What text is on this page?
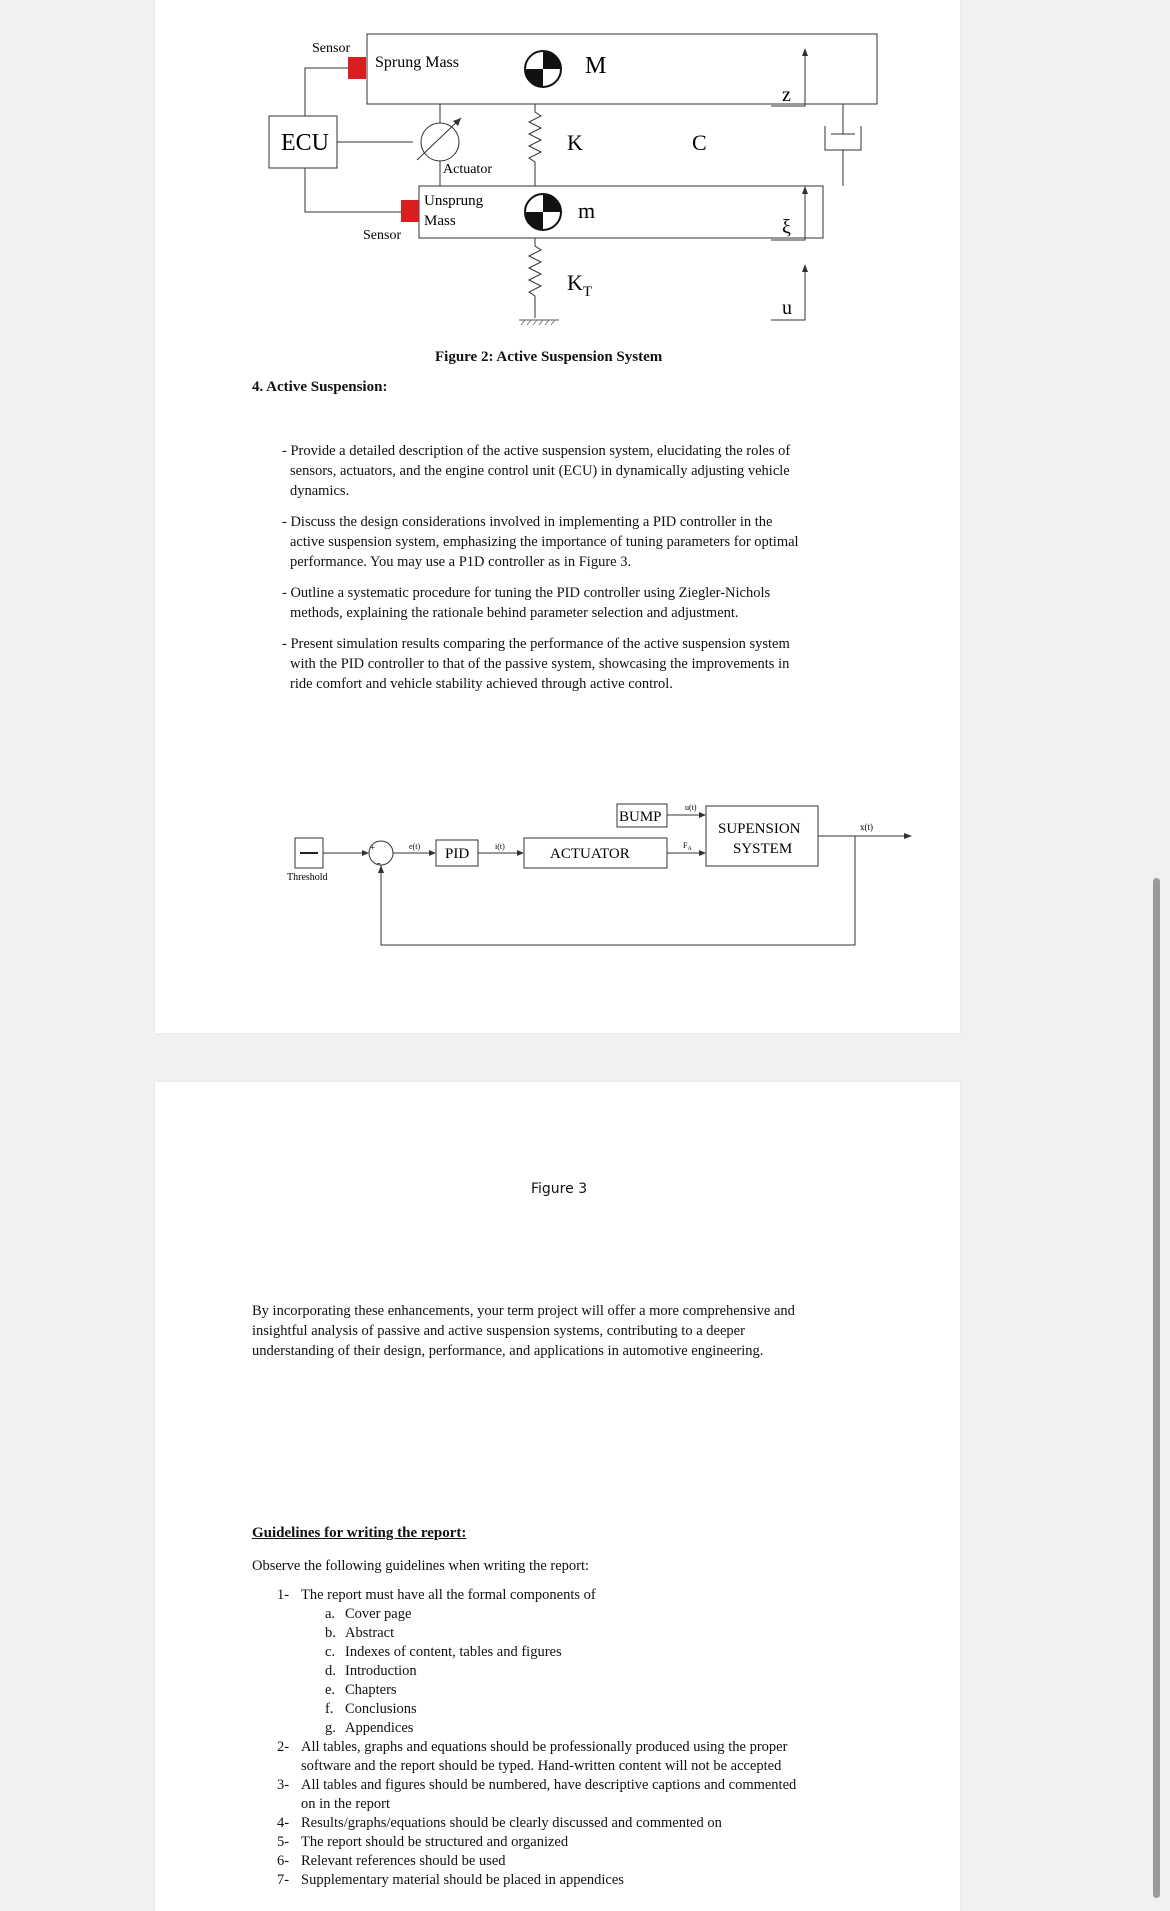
Sensor
Sprung Mass	M
ECU	K	C
Actuator
Unsprung
Mass	m
Sensor
$K_T$
z
ξ
u
Figure 2: Active Suspension System
4. Active Suspension:
- Provide a detailed description of the active suspension system, elucidating the roles of
sensors, actuators, and the engine control unit (ECU) in dynamically adjusting vehicle
dynamics.
- Discuss the design considerations involved in implementing a PID controller in the
active suspension system, emphasizing the importance of tuning parameters for optimal
performance. You may use a P1D controller as in Figure 3.
- Outline a systematic procedure for tuning the PID controller using Ziegler-Nichols
methods, explaining the rationale behind parameter selection and adjustment.
- Present simulation results comparing the performance of the active suspension system
with the PID controller to that of the passive system, showcasing the improvements in
ride comfort and vehicle stability achieved through active control.
Threshold
+
-
e(t) PID	i(t)	ACTUATOR
BUMP
u(t)
$F_A$
SUPENSION
SYSTEM
x(t)
Figure 3
By incorporating these enhancements, your term project will offer a more comprehensive and
insightful analysis of passive and active suspension systems, contributing to a deeper
understanding of their design, performance, and applications in automotive engineering.
Guidelines for writing the report:
Observe the following guidelines when writing the report:
1- The report must have all the formal components of
a. Cover page
b. Abstract
c. Indexes of content, tables and figures
d. Introduction
e. Chapters
f. Conclusions
g. Appendices
2- All tables, graphs and equations should be professionally produced using the proper
software and the report should be typed. Hand-written content will not be accepted
3- All tables and figures should be numbered, have descriptive captions and commented
on in the report
4- Results/graphs/equations should be clearly discussed and commented on
5- The report should be structured and organized
6- Relevant references should be used
7- Supplementary material should be placed in appendices
